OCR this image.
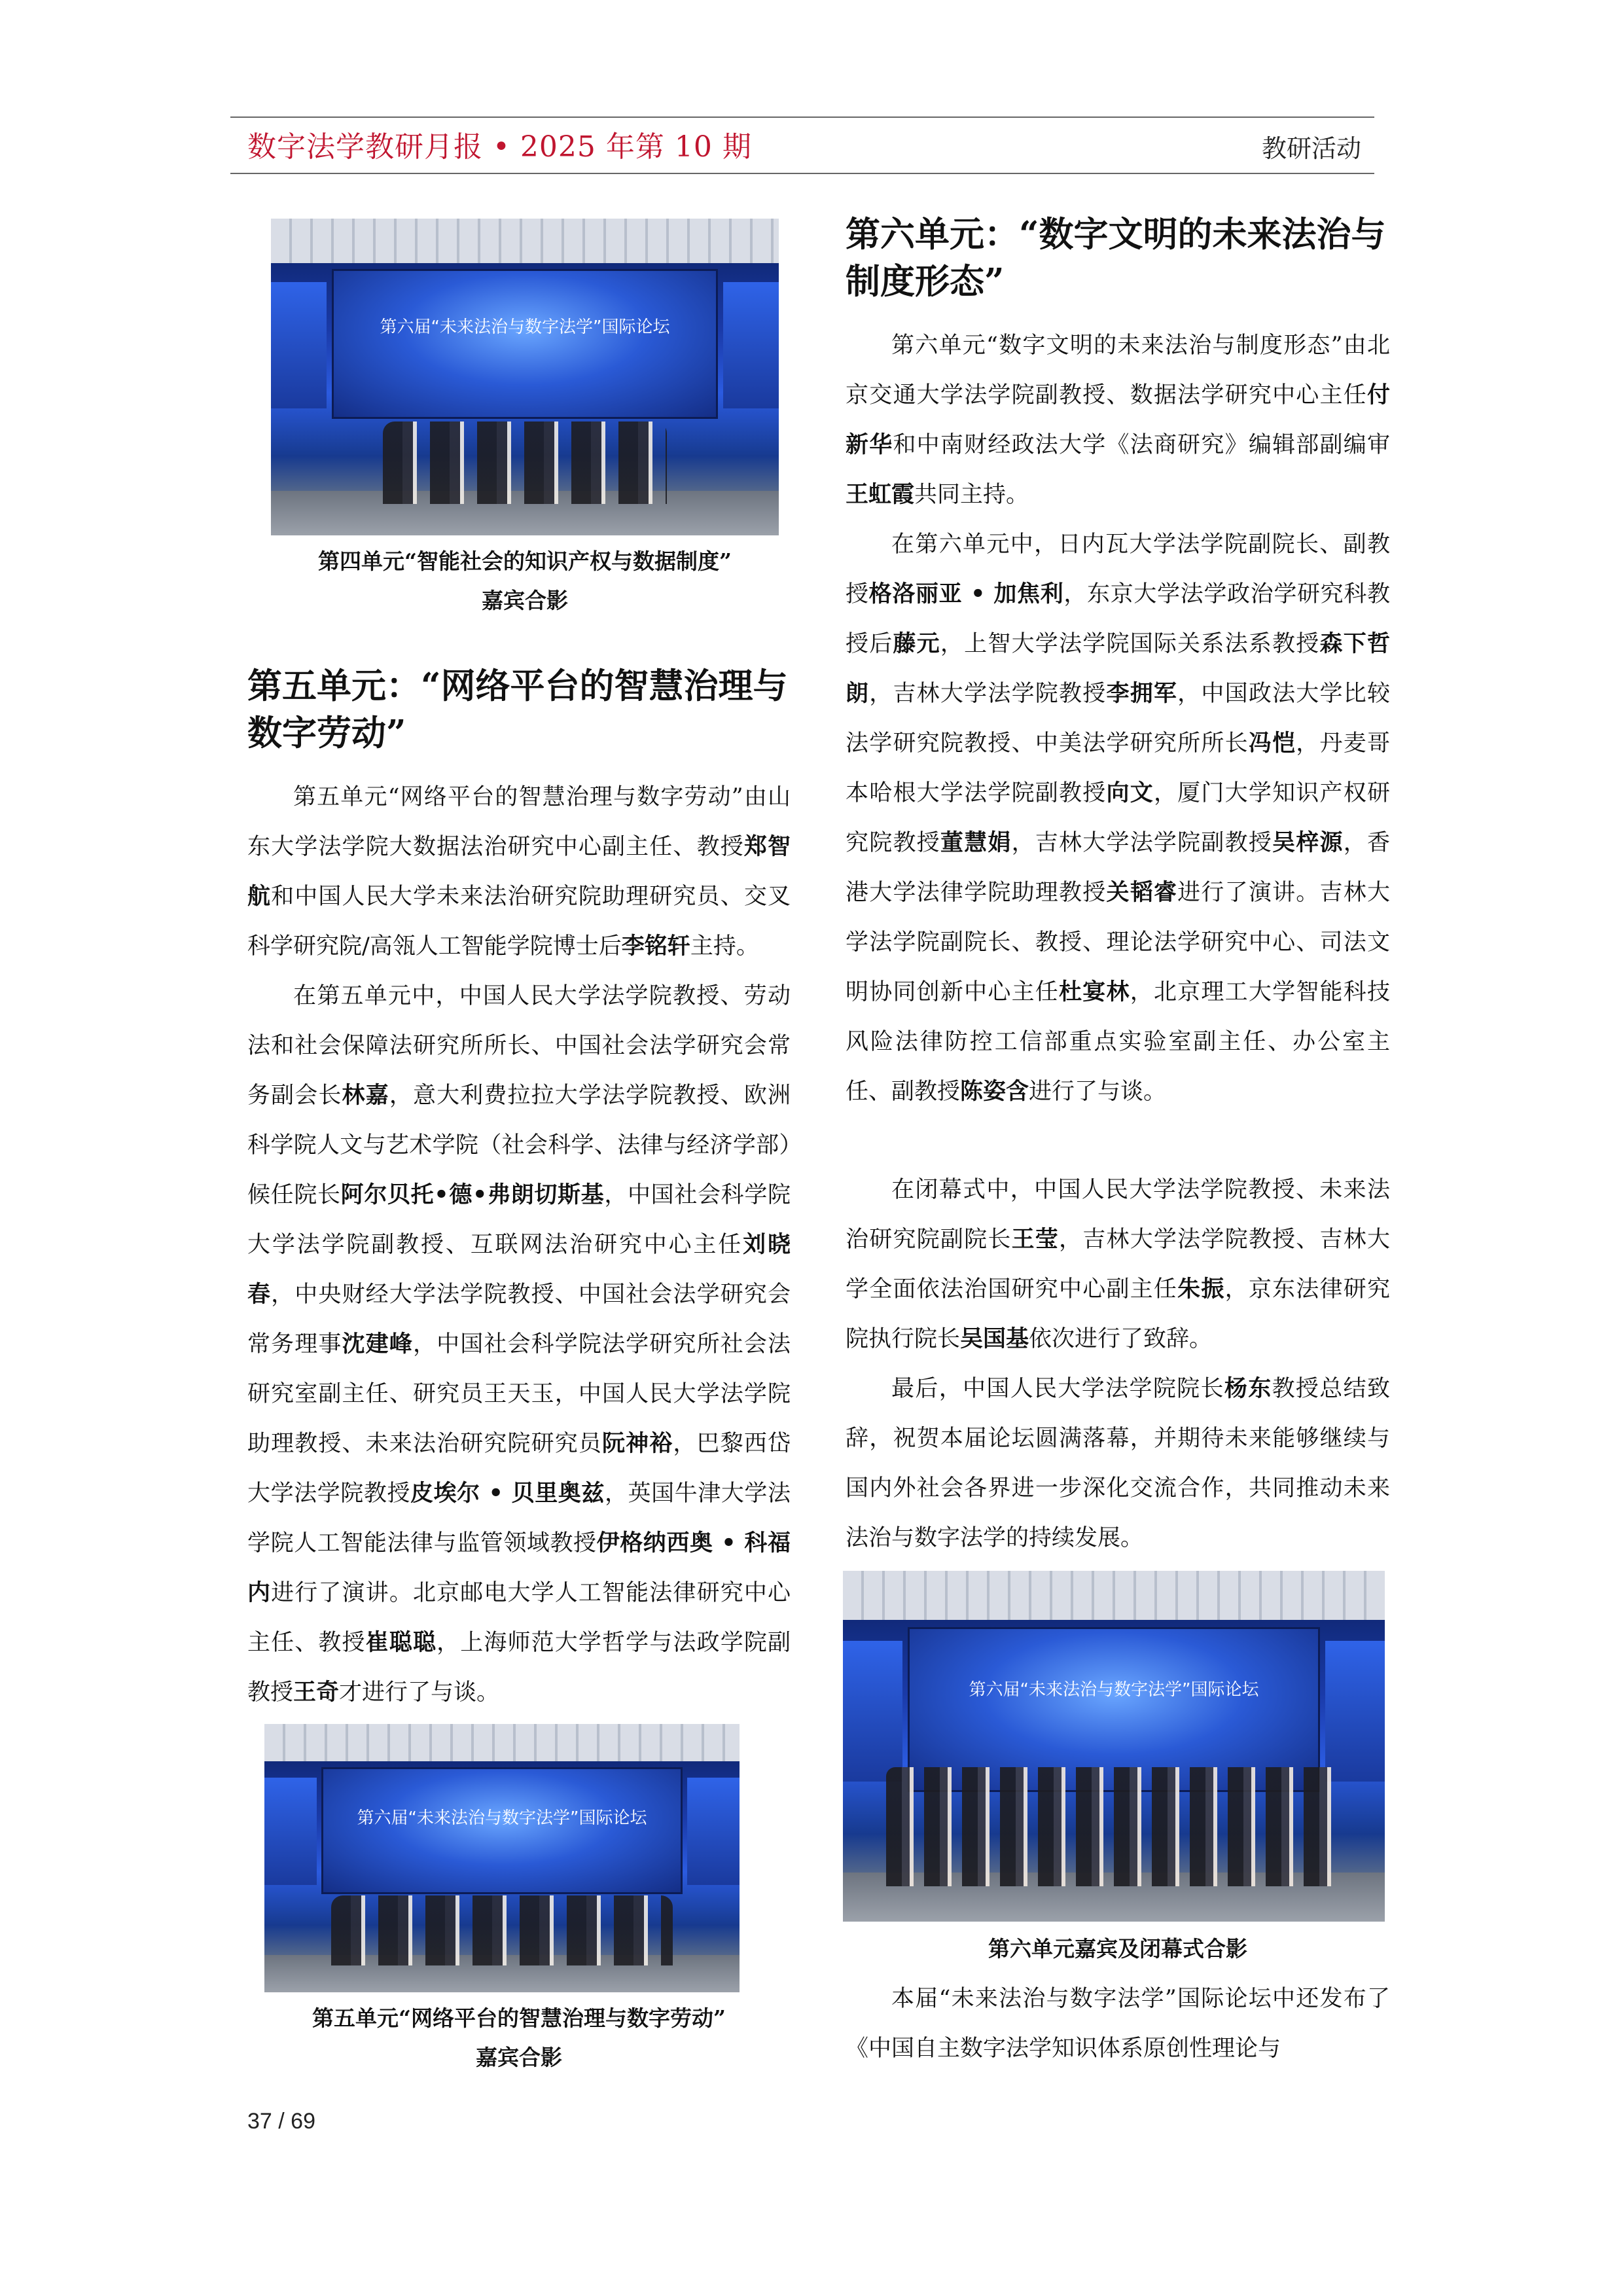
数字法学教研月报 • 2025 年第 10 期	教研活动
第六届“未来法治与数字法学”国际论坛
第四单元“智能社会的知识产权与数据制度”
嘉宾合影
第五单元：“网络平台的智慧治理与数字劳动”

第五单元“网络平台的智慧治理与数字劳动”由山东大学法学院大数据法治研究中心副主任、教授郑智航和中国人民大学未来法治研究院助理研究员、交叉科学研究院/高瓴人工智能学院博士后李铭轩主持。

在第五单元中，中国人民大学法学院教授、劳动法和社会保障法研究所所长、中国社会法学研究会常务副会长林嘉，意大利费拉拉大学法学院教授、欧洲科学院人文与艺术学院（社会科学、法律与经济学部）候任院长阿尔贝托•德•弗朗切斯基，中国社会科学院大学法学院副教授、互联网法治研究中心主任刘晓春，中央财经大学法学院教授、中国社会法学研究会常务理事沈建峰，中国社会科学院法学研究所社会法研究室副主任、研究员王天玉，中国人民大学法学院助理教授、未来法治研究院研究员阮神裕，巴黎西岱大学法学院教授皮埃尔 • 贝里奥兹，英国牛津大学法学院人工智能法律与监管领域教授伊格纳西奥 • 科福内进行了演讲。北京邮电大学人工智能法律研究中心主任、教授崔聪聪，上海师范大学哲学与法政学院副教授王奇才进行了与谈。

第六届“未来法治与数字法学”国际论坛
第五单元“网络平台的智慧治理与数字劳动”
嘉宾合影
第六单元：“数字文明的未来法治与制度形态”

第六单元“数字文明的未来法治与制度形态”由北京交通大学法学院副教授、数据法学研究中心主任付新华和中南财经政法大学《法商研究》编辑部副编审王虹霞共同主持。

在第六单元中，日内瓦大学法学院副院长、副教授格洛丽亚 • 加焦利，东京大学法学政治学研究科教授后藤元，上智大学法学院国际关系法系教授森下哲朗，吉林大学法学院教授李拥军，中国政法大学比较法学研究院教授、中美法学研究所所长冯恺，丹麦哥本哈根大学法学院副教授向文，厦门大学知识产权研究院教授董慧娟，吉林大学法学院副教授吴梓源，香港大学法律学院助理教授关韬睿进行了演讲。吉林大学法学院副院长、教授、理论法学研究中心、司法文明协同创新中心主任杜宴林，北京理工大学智能科技风险法律防控工信部重点实验室副主任、办公室主任、副教授陈姿含进行了与谈。

在闭幕式中，中国人民大学法学院教授、未来法治研究院副院长王莹，吉林大学法学院教授、吉林大学全面依法治国研究中心副主任朱振，京东法律研究院执行院长吴国基依次进行了致辞。

最后，中国人民大学法学院院长杨东教授总结致辞，祝贺本届论坛圆满落幕，并期待未来能够继续与国内外社会各界进一步深化交流合作，共同推动未来法治与数字法学的持续发展。

第六届“未来法治与数字法学”国际论坛
第六单元嘉宾及闭幕式合影

本届“未来法治与数字法学”国际论坛中还发布了《中国自主数字法学知识体系原创性理论与

37 / 69
